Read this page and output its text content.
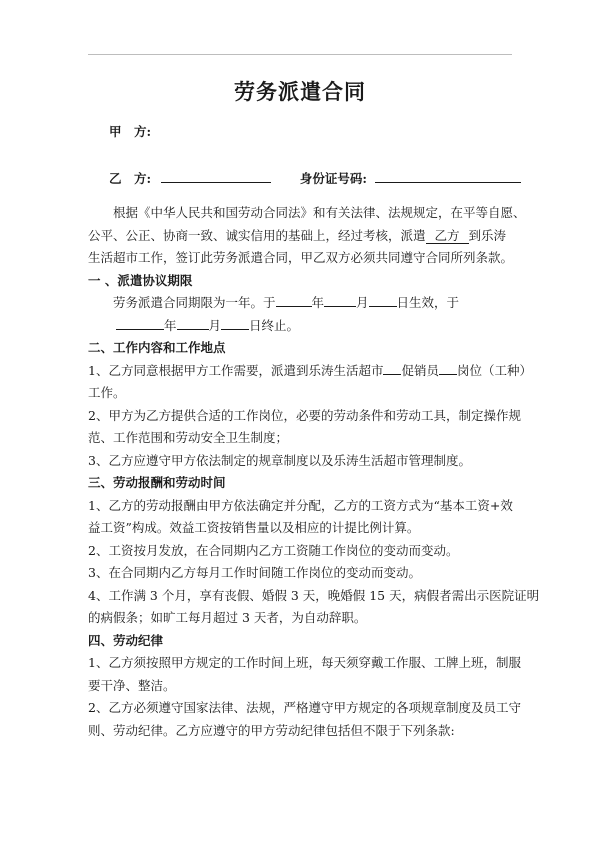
劳务派遣合同
甲　方:
乙　方:	身份证号码:
根据《中华人民共和国劳动合同法》和有关法律、法规规定，在平等自愿、
公平、公正、协商一致、诚实信用的基础上，经过考核，派遣 乙方 到乐涛
生活超市工作，签订此劳务派遣合同，甲乙双方必须共同遵守合同所列条款。
一 、派遣协议期限
劳务派遣合同期限为一年。于	年	月 日生效，于
年	月 日终止。
二、工作内容和工作地点
1、乙方同意根据甲方工作需要，派遣到乐涛生活超市 促销员 岗位（工种）
工作。
2、甲方为乙方提供合适的工作岗位，必要的劳动条件和劳动工具，制定操作规
范、工作范围和劳动安全卫生制度；
3、乙方应遵守甲方依法制定的规章制度以及乐涛生活超市管理制度。
三、劳动报酬和劳动时间
1、乙方的劳动报酬由甲方依法确定并分配，乙方的工资方式为“基本工资+效
益工资”构成。效益工资按销售量以及相应的计提比例计算。
2、工资按月发放，在合同期内乙方工资随工作岗位的变动而变动。
3、在合同期内乙方每月工作时间随工作岗位的变动而变动。
4、工作满 3 个月，享有丧假、婚假 3 天，晚婚假 15 天，病假者需出示医院证明
的病假条；如旷工每月超过 3 天者，为自动辞职。
四、劳动纪律
1、乙方须按照甲方规定的工作时间上班，每天须穿戴工作服、工牌上班，制服
要干净、整洁。
2、乙方必须遵守国家法律、法规，严格遵守甲方规定的各项规章制度及员工守
则、劳动纪律。乙方应遵守的甲方劳动纪律包括但不限于下列条款:
